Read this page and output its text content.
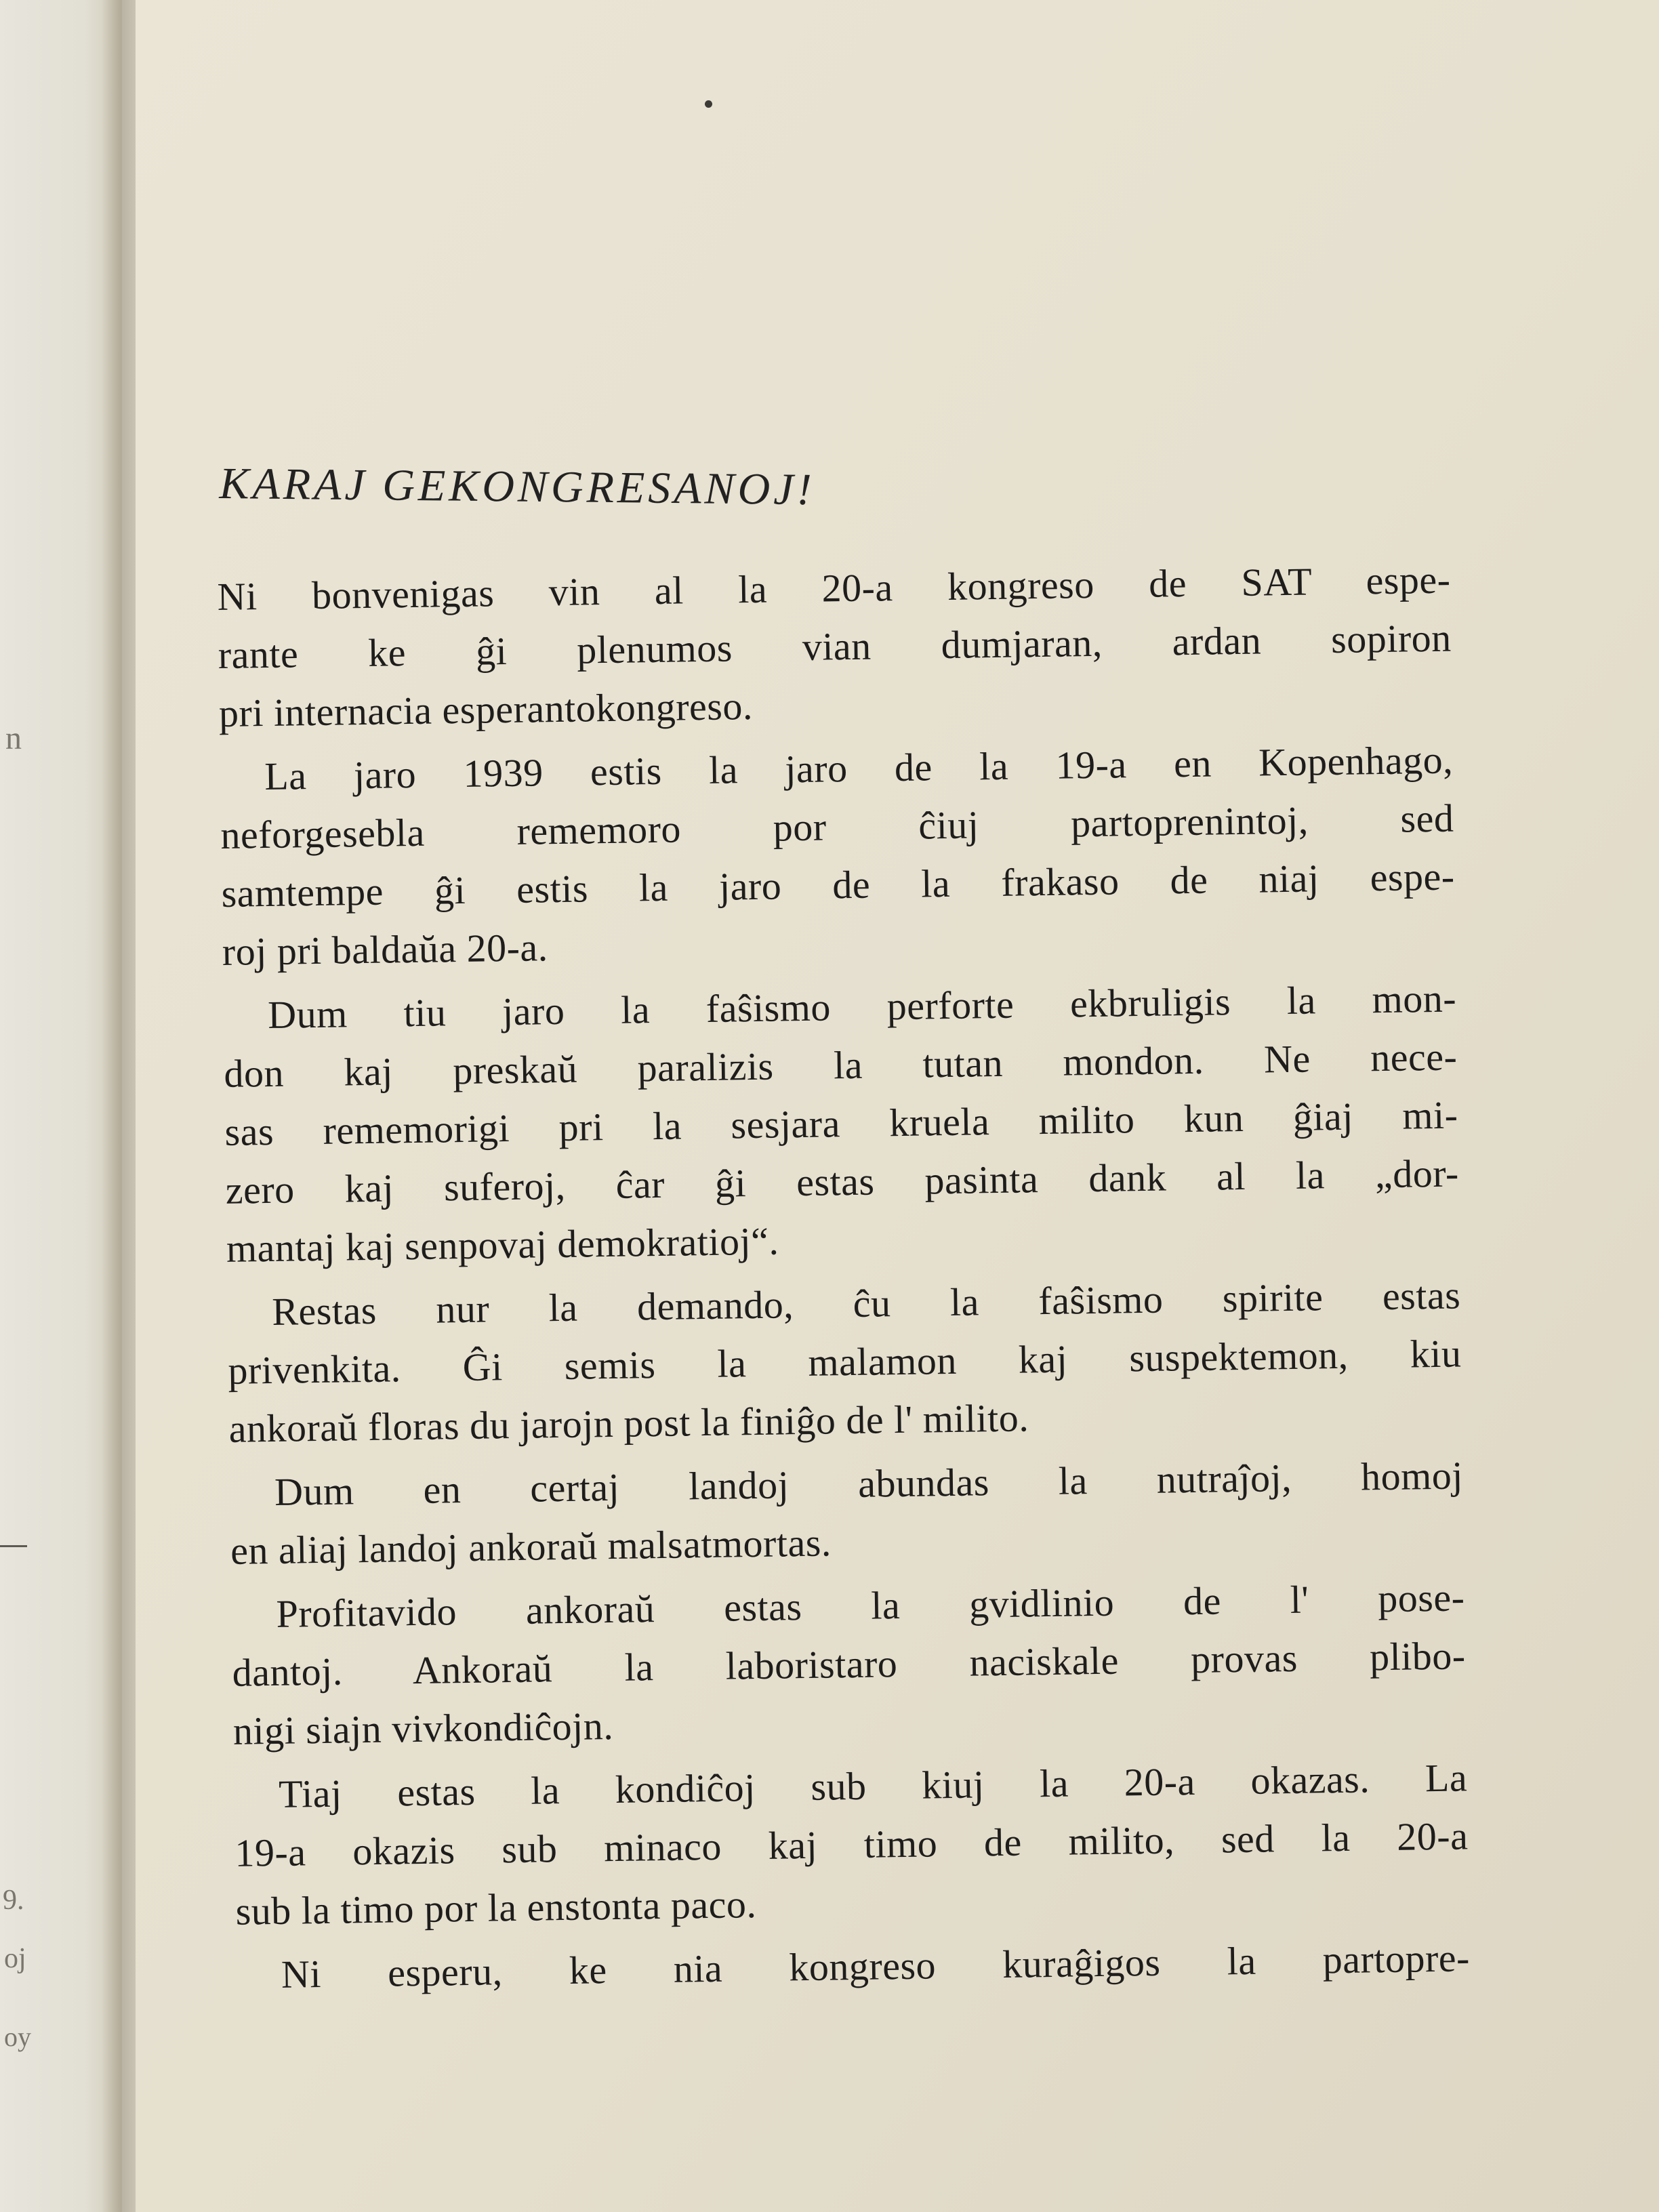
n
9.
oj
oy
KARAJ GEKONGRESANOJ!
Ni bonvenigas vin al la 20-a kongreso de SAT espe-
rante ke ĝi plenumos vian dumjaran, ardan sopiron
pri internacia esperantokongreso.
La jaro 1939 estis la jaro de la 19-a en Kopenhago,
neforgesebla rememoro por ĉiuj partoprenintoj, sed
samtempe ĝi estis la jaro de la frakaso de niaj espe-
roj pri baldaŭa 20-a.
Dum tiu jaro la faŝismo perforte ekbruligis la mon-
don kaj preskaŭ paralizis la tutan mondon. Ne nece-
sas rememorigi pri la sesjara kruela milito kun ĝiaj mi-
zero kaj suferoj, ĉar ĝi estas pasinta dank al la „dor-
mantaj kaj senpovaj demokratioj“.
Restas nur la demando, ĉu la faŝismo spirite estas
privenkita. Ĝi semis la malamon kaj suspektemon, kiu
ankoraŭ floras du jarojn post la finiĝo de l' milito.
Dum en certaj landoj abundas la nutraĵoj, homoj
en aliaj landoj ankoraŭ malsatmortas.
Profitavido ankoraŭ estas la gvidlinio de l' pose-
dantoj. Ankoraŭ la laboristaro naciskale provas plibo-
nigi siajn vivkondiĉojn.
Tiaj estas la kondiĉoj sub kiuj la 20-a okazas. La
19-a okazis sub minaco kaj timo de milito, sed la 20-a
sub la timo por la enstonta paco.
Ni esperu, ke nia kongreso kuraĝigos la partopre-
